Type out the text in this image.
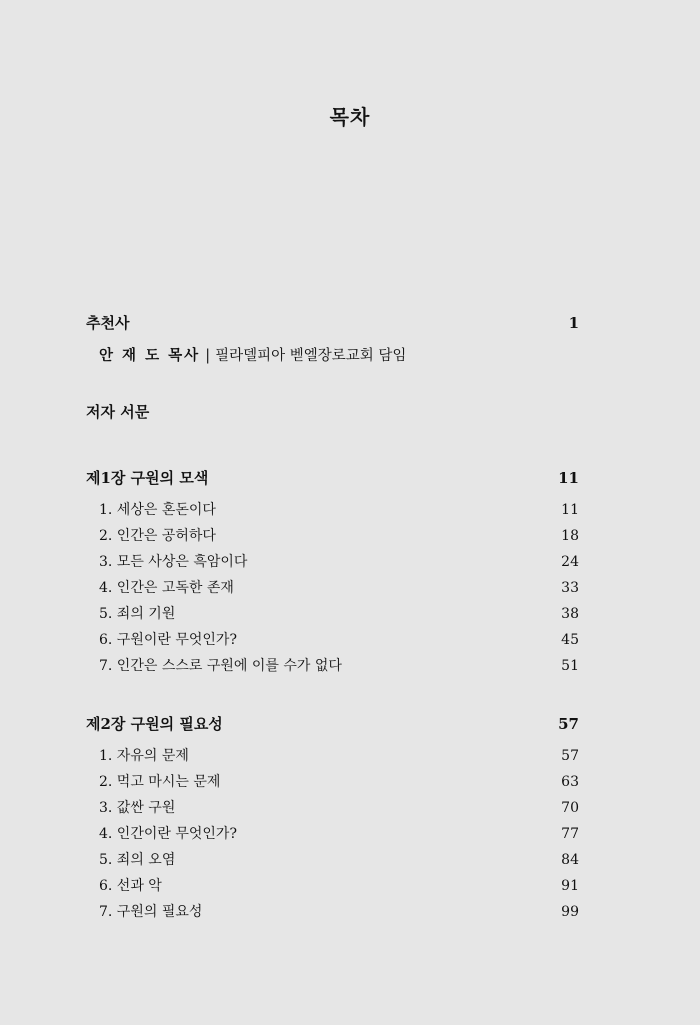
목차
추천사	1
안 재 도 목사 | 필라델피아 벧엘장로교회 담임
저자 서문
제1장 구원의 모색	11
1. 세상은 혼돈이다	11
2. 인간은 공허하다	18
3. 모든 사상은 흑암이다	24
4. 인간은 고독한 존재	33
5. 죄의 기원	38
6. 구원이란 무엇인가?	45
7. 인간은 스스로 구원에 이를 수가 없다	51
제2장 구원의 필요성	57
1. 자유의 문제	57
2. 먹고 마시는 문제	63
3. 값싼 구원	70
4. 인간이란 무엇인가?	77
5. 죄의 오염	84
6. 선과 악	91
7. 구원의 필요성	99
